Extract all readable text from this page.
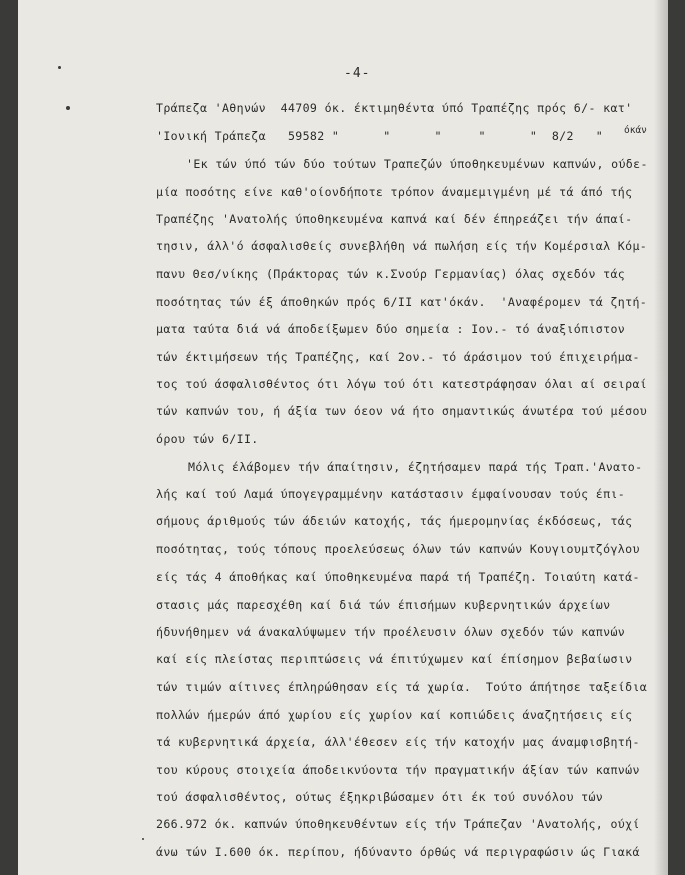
-4-
Τράπεζα 'Αθηνών  44709 όκ. έκτιμηθέντα ύπό Τραπέζης πρός 6/- κατ'
όκάν
'Ιονική Τράπεζα   59582 "      "      "     "      "  8/2   "
'Εκ τών ύπό τών δύο τούτων Τραπεζών ύποθηκευμένων καπνών, ούδε-
μία ποσότης είνε καθ'οίονδήποτε τρόπον άναμεμιγμένη μέ τά άπό τής
Τραπέζης 'Ανατολής ύποθηκευμένα καπνά καί δέν έπηρεάζει τήν άπαί-
τησιν, άλλ'ό άσφαλισθείς συνεβλήθη νά πωλήση είς τήν Κομέρσιαλ Κόμ-
πανυ Θεσ/νίκης (Πράκτορας τών κ.Σνούρ Γερμανίας) όλας σχεδόν τάς
ποσότητας τών έξ άποθηκών πρός 6/ΙΙ κατ'όκάν.  'Αναφέρομεν τά ζητή-
ματα ταύτα διά νά άποδείξωμεν δύο σημεία : Ιον.- τό άναξιόπιστον
τών έκτιμήσεων τής Τραπέζης, καί 2ον.- τό άράσιμον τού έπιχειρήμα-
τος τού άσφαλισθέντος ότι λόγω τού ότι κατεστράφησαν όλαι αί σειραί
τών καπνών του, ή άξία των όεον νά ήτο σημαντικώς άνωτέρα τού μέσου
όρου τών 6/ΙΙ.
Μόλις έλάβομεν τήν άπαίτησιν, έζητήσαμεν παρά τής Τραπ.'Ανατο-
λής καί τού Λαμά ύπογεγραμμένην κατάστασιν έμφαίνουσαν τούς έπι-
σήμους άριθμούς τών άδειών κατοχής, τάς ήμερομηνίας έκδόσεως, τάς
ποσότητας, τούς τόπους προελεύσεως όλων τών καπνών Κουγιουμτζόγλου
είς τάς 4 άποθήκας καί ύποθηκευμένα παρά τή Τραπέζη. Τοιαύτη κατά-
στασις μάς παρεσχέθη καί διά τών έπισήμων κυβερνητικών άρχείων
ήδυνήθημεν νά άνακαλύψωμεν τήν προέλευσιν όλων σχεδόν τών καπνών
καί είς πλείστας περιπτώσεις νά έπιτύχωμεν καί έπίσημον βεβαίωσιν
τών τιμών αίτινες έπληρώθησαν είς τά χωρία.  Τούτο άπήτησε ταξείδια
πολλών ήμερών άπό χωρίου είς χωρίον καί κοπιώδεις άναζητήσεις είς
τά κυβερνητικά άρχεία, άλλ'έθεσεν είς τήν κατοχήν μας άναμφισβητή-
του κύρους στοιχεία άποδεικνύοντα τήν πραγματικήν άξίαν τών καπνών
τού άσφαλισθέντος, ούτως έξηκριβώσαμεν ότι έκ τού συνόλου τών
266.972 όκ. καπνών ύποθηκευθέντων είς τήν Τράπεζαν 'Ανατολής, ούχί
άνω τών Ι.600 όκ. περίπου, ήδύναντο όρθώς νά περιγραφώσιν ώς Γιακά
